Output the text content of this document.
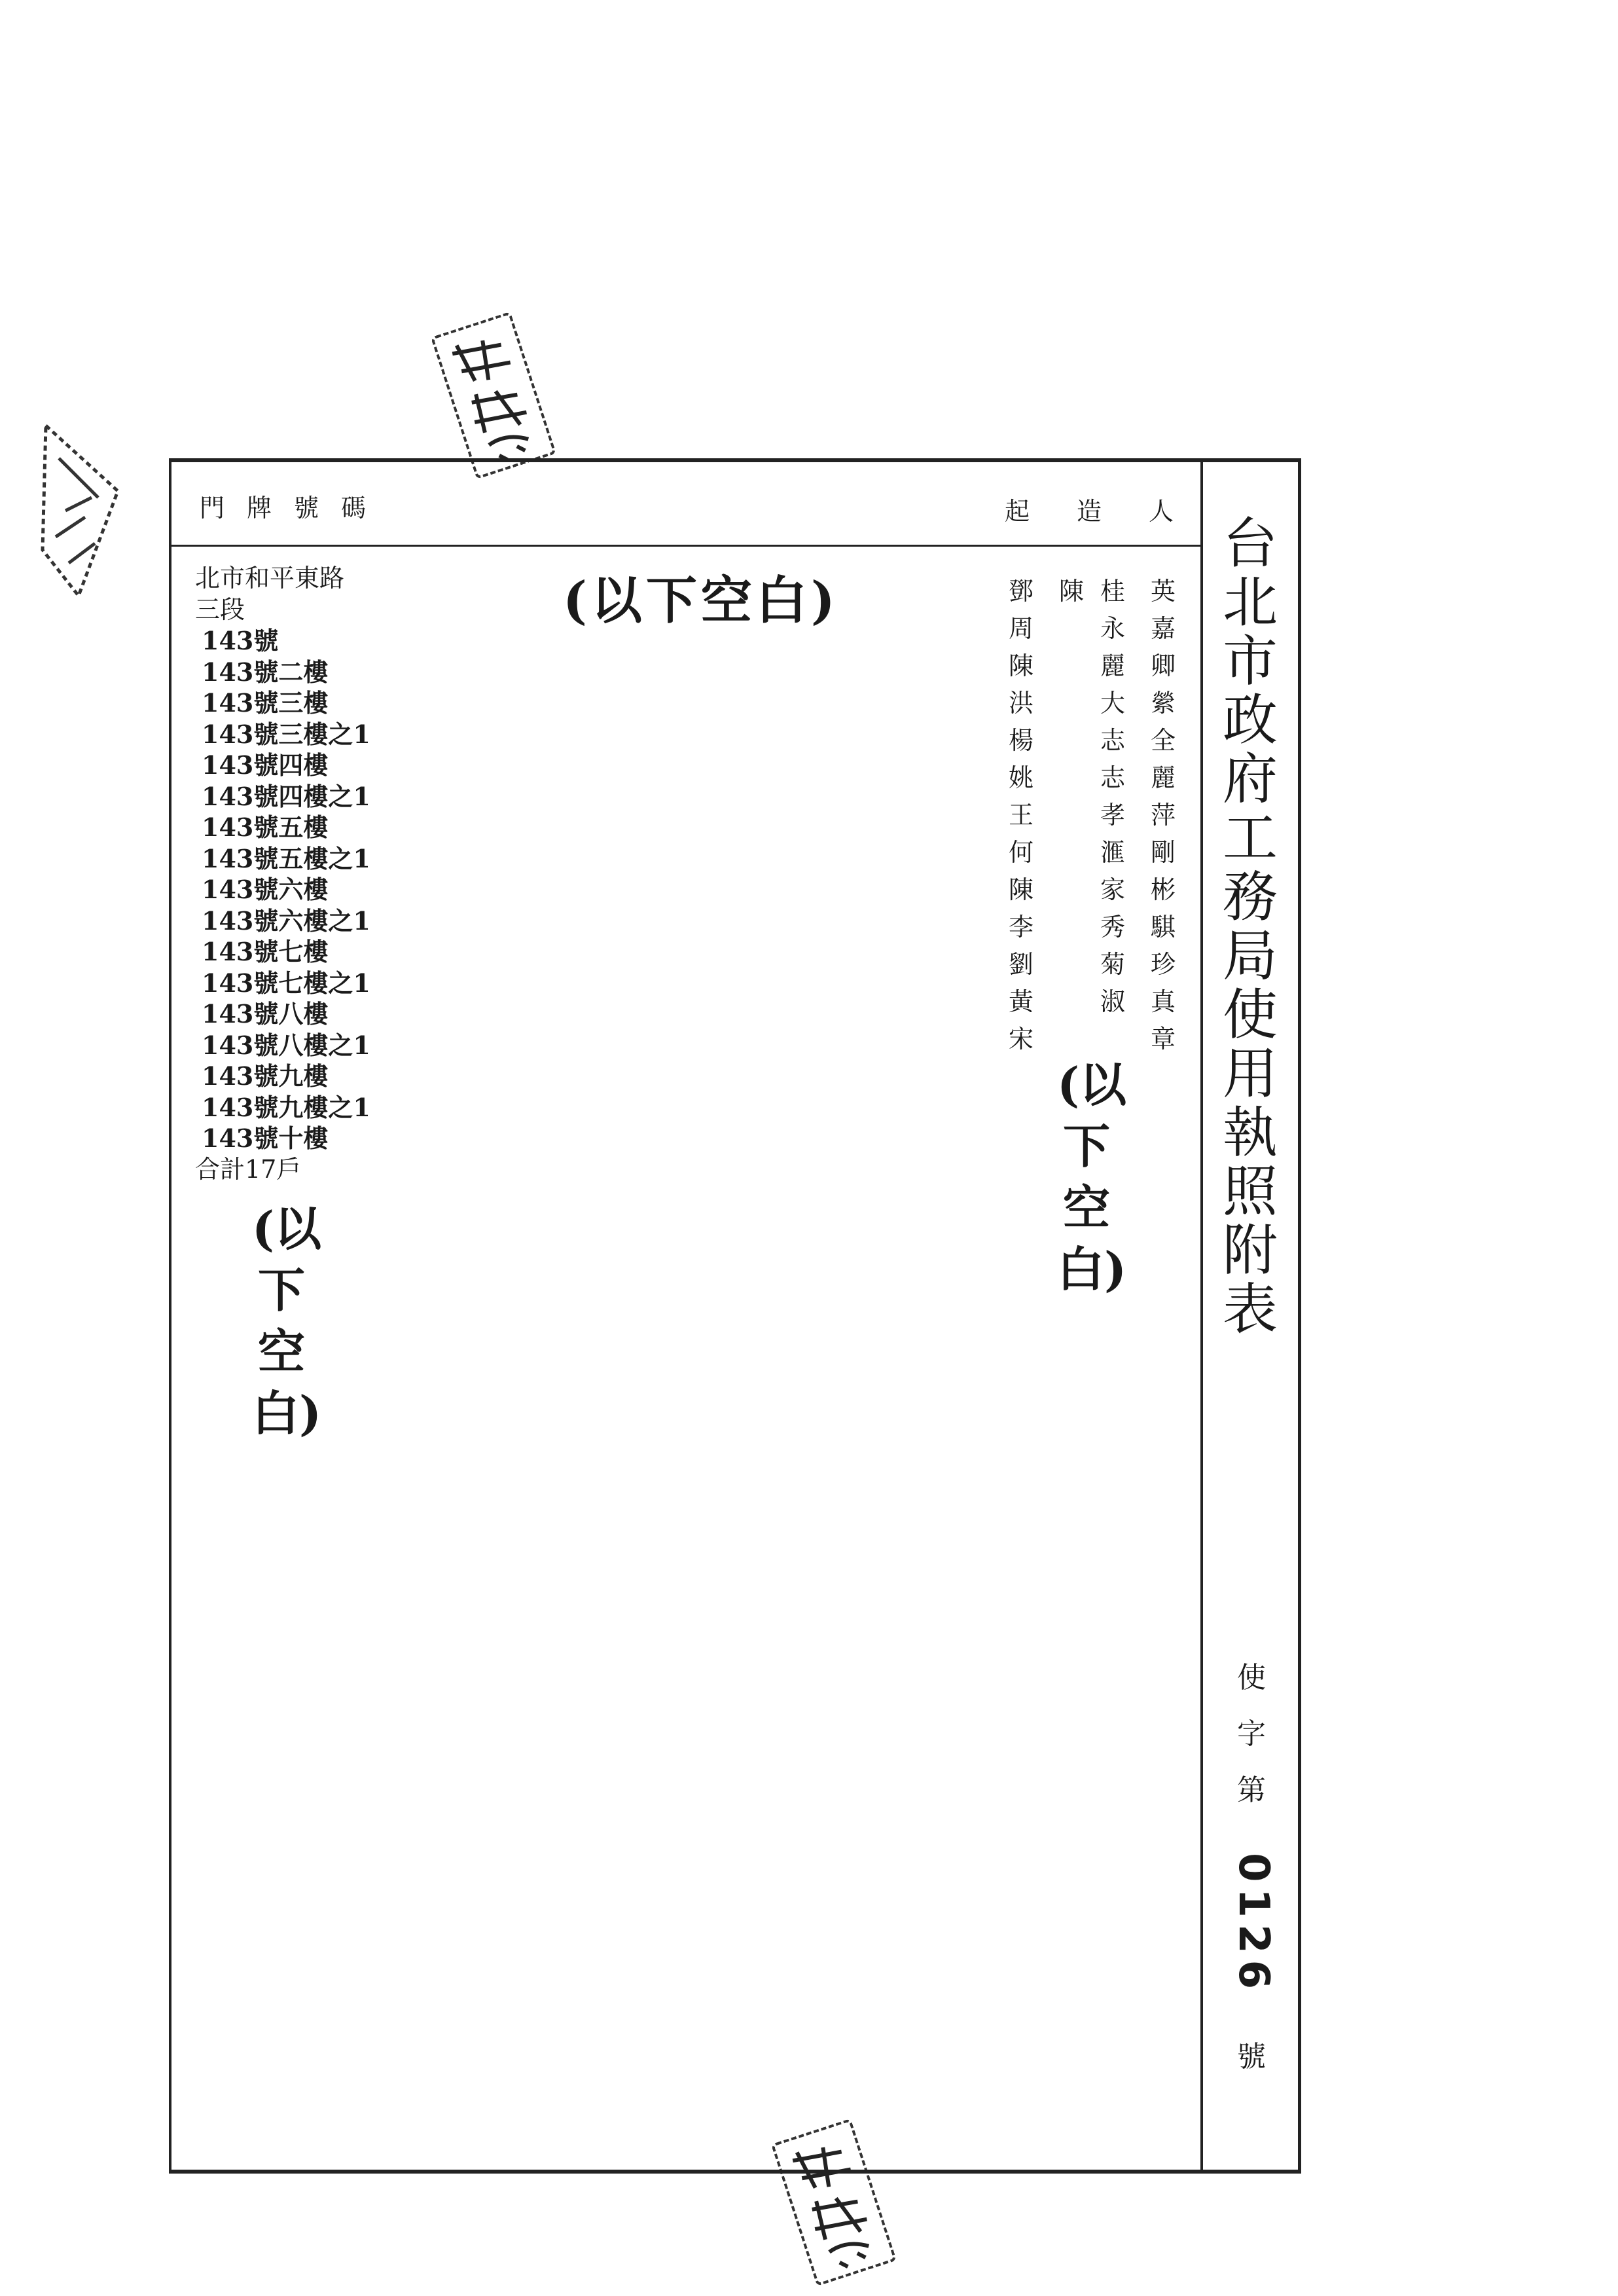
門牌號碼	起造人
北市和平東路
三段
143號
143號二樓
143號三樓
143號三樓之1
143號四樓
143號四樓之1
143號五樓
143號五樓之1
143號六樓
143號六樓之1
143號七樓
143號七樓之1
143號八樓
143號八樓之1
143號九樓
143號九樓之1
143號十樓
合計17戶
(以下空白)
(以下空白)
(以下空白)
英嘉卿縈全麗萍剛彬騏珍真章
桂永麗大志　志孝滙家秀菊淑
陳
鄧周陳洪楊姚王何陳李劉黃宋
台北市政府工務局使用執照附表
使字第
0126
號
